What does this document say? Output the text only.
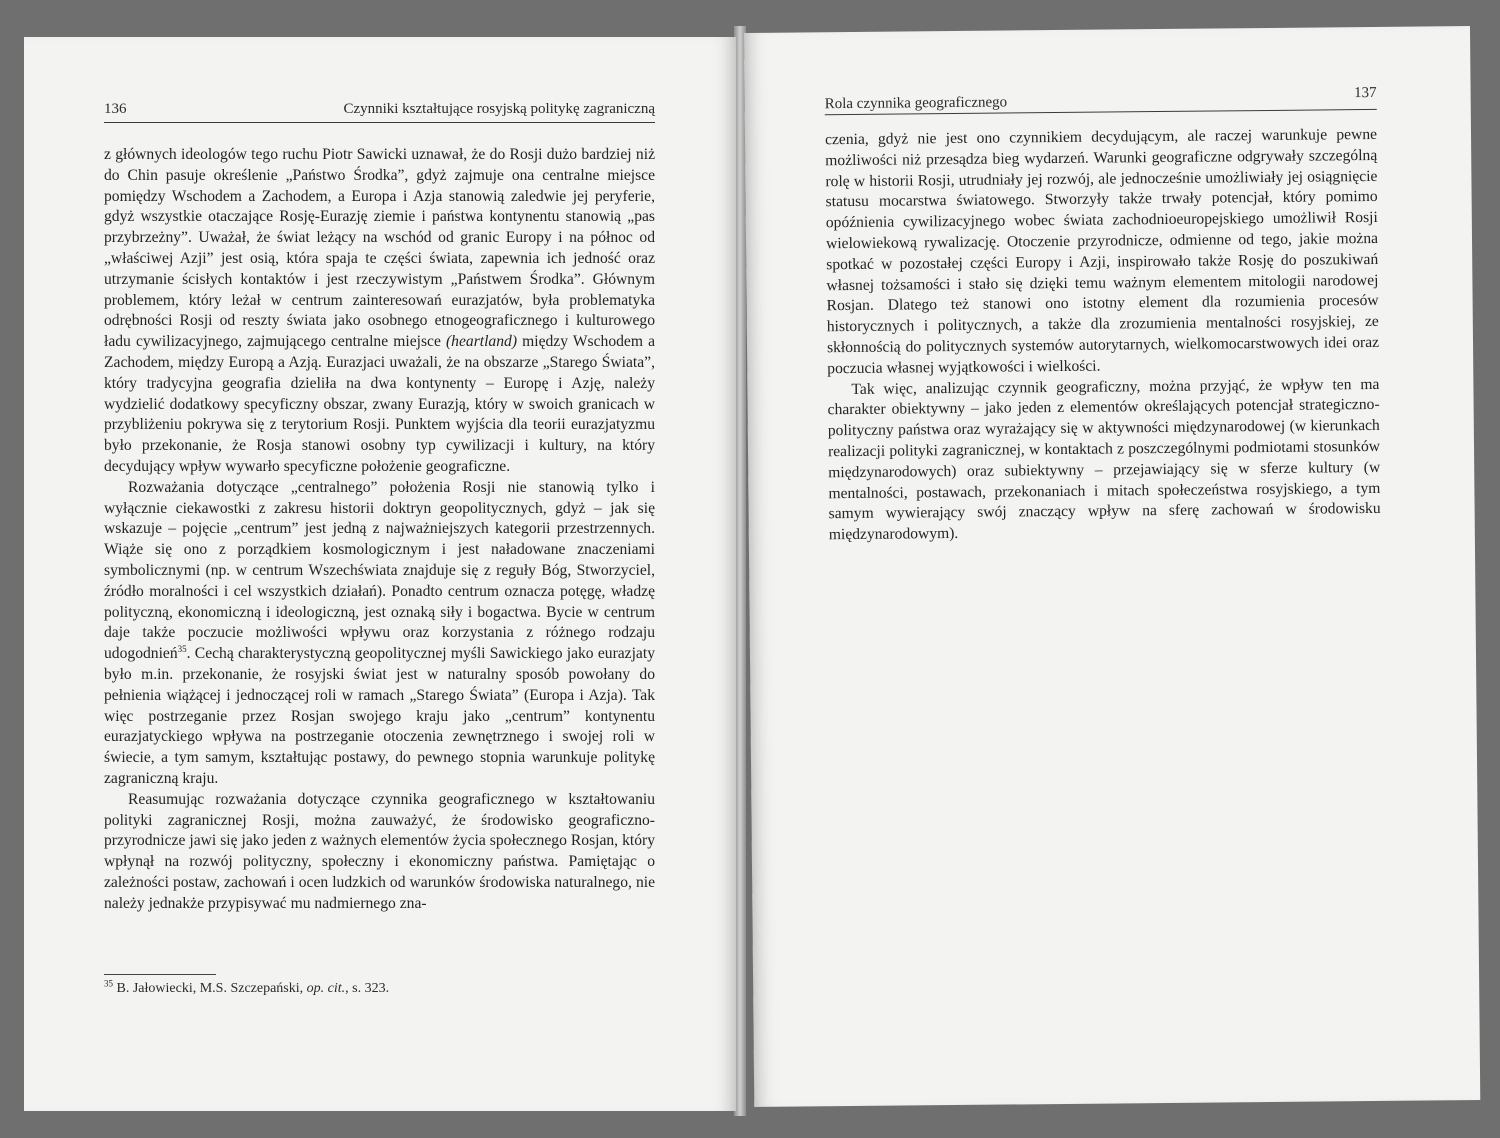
136	Czynniki kształtujące rosyjską politykę zagraniczną

z głównych ideologów tego ruchu Piotr Sawicki uznawał, że do Rosji dużo bardziej niż do Chin pasuje określenie „Państwo Środka”, gdyż zajmuje ona centralne miejsce pomiędzy Wschodem a Zachodem, a Europa i Azja stanowią zaledwie jej peryferie, gdyż wszystkie otaczające Rosję-Eurazję ziemie i państwa kontynentu stanowią „pas przybrzeżny”. Uważał, że świat leżący na wschód od granic Europy i na północ od „właściwej Azji” jest osią, która spaja te części świata, zapewnia ich jedność oraz utrzymanie ścisłych kontaktów i jest rzeczywistym „Państwem Środka”. Głównym problemem, który leżał w centrum zainteresowań eurazjatów, była problematyka odrębności Rosji od reszty świata jako osobnego etnogeograficznego i kulturowego ładu cywilizacyjnego, zajmującego centralne miejsce (heartland) między Wschodem a Zachodem, między Europą a Azją. Eurazjaci uważali, że na obszarze „Starego Świata”, który tradycyjna geografia dzieliła na dwa kontynenty – Europę i Azję, należy wydzielić dodatkowy specyficzny obszar, zwany Eurazją, który w swoich granicach w przybliżeniu pokrywa się z terytorium Rosji. Punktem wyjścia dla teorii eurazjatyzmu było przekonanie, że Rosja stanowi osobny typ cywilizacji i kultury, na który decydujący wpływ wywarło specyficzne położenie geograficzne.

Rozważania dotyczące „centralnego” położenia Rosji nie stanowią tylko i wyłącznie ciekawostki z zakresu historii doktryn geopolitycznych, gdyż – jak się wskazuje – pojęcie „centrum” jest jedną z najważniejszych kategorii przestrzennych. Wiąże się ono z porządkiem kosmologicznym i jest naładowane znaczeniami symbolicznymi (np. w centrum Wszechświata znajduje się z reguły Bóg, Stworzyciel, źródło moralności i cel wszystkich działań). Ponadto centrum oznacza potęgę, władzę polityczną, ekonomiczną i ideologiczną, jest oznaką siły i bogactwa. Bycie w centrum daje także poczucie możliwości wpływu oraz korzystania z różnego rodzaju udogodnień$^{35}$. Cechą charakterystyczną geopolitycznej myśli Sawickiego jako eurazjaty było m.in. przekonanie, że rosyjski świat jest w naturalny sposób powołany do pełnienia wiążącej i jednoczącej roli w ramach „Starego Świata” (Europa i Azja). Tak więc postrzeganie przez Rosjan swojego kraju jako „centrum” kontynentu eurazjatyckiego wpływa na postrzeganie otoczenia zewnętrznego i swojej roli w świecie, a tym samym, kształtując postawy, do pewnego stopnia warunkuje politykę zagraniczną kraju.

Reasumując rozważania dotyczące czynnika geograficznego w kształtowaniu polityki zagranicznej Rosji, można zauważyć, że środowisko geograficzno-przyrodnicze jawi się jako jeden z ważnych elementów życia społecznego Rosjan, który wpłynął na rozwój polityczny, społeczny i ekonomiczny państwa. Pamiętając o zależności postaw, zachowań i ocen ludzkich od warunków środowiska naturalnego, nie należy jednakże przypisywać mu nadmiernego zna-

$^{35}$ B. Jałowiecki, M.S. Szczepański, op. cit., s. 323.
Rola czynnika geograficznego
137

czenia, gdyż nie jest ono czynnikiem decydującym, ale raczej warunkuje pewne możliwości niż przesądza bieg wydarzeń. Warunki geograficzne odgrywały szczególną rolę w historii Rosji, utrudniały jej rozwój, ale jednocześnie umożliwiały jej osiągnięcie statusu mocarstwa światowego. Stworzyły także trwały potencjał, który pomimo opóźnienia cywilizacyjnego wobec świata zachodnioeuropejskiego umożliwił Rosji wielowiekową rywalizację. Otoczenie przyrodnicze, odmienne od tego, jakie można spotkać w pozostałej części Europy i Azji, inspirowało także Rosję do poszukiwań własnej tożsamości i stało się dzięki temu ważnym elementem mitologii narodowej Rosjan. Dlatego też stanowi ono istotny element dla rozumienia procesów historycznych i politycznych, a także dla zrozumienia mentalności rosyjskiej, ze skłonnością do politycznych systemów autorytarnych, wielkomocarstwowych idei oraz poczucia własnej wyjątkowości i wielkości.

Tak więc, analizując czynnik geograficzny, można przyjąć, że wpływ ten ma charakter obiektywny – jako jeden z elementów określających potencjał strategiczno-polityczny państwa oraz wyrażający się w aktywności międzynarodowej (w kierunkach realizacji polityki zagranicznej, w kontaktach z poszczególnymi podmiotami stosunków międzynarodowych) oraz subiektywny – przejawiający się w sferze kultury (w mentalności, postawach, przekonaniach i mitach społeczeństwa rosyjskiego, a tym samym wywierający swój znaczący wpływ na sferę zachowań w środowisku międzynarodowym).
